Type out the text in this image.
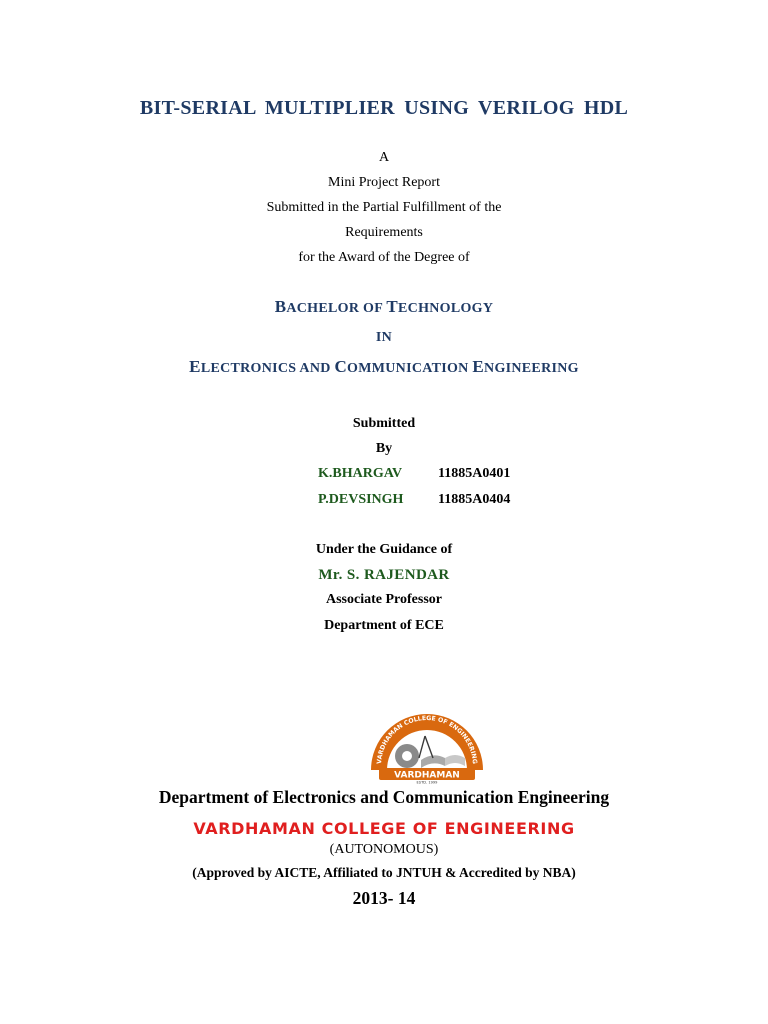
BIT-SERIAL MULTIPLIER USING VERILOG HDL
A
Mini Project Report
Submitted in the Partial Fulfillment of the
Requirements
for the Award of the Degree of
BACHELOR OF TECHNOLOGY
IN
ELECTRONICS AND COMMUNICATION ENGINEERING
Submitted
By
K.BHARGAV	11885A0401
P.DEVSINGH 11885A0404
Under the Guidance of
Mr. S. RAJENDAR
Associate Professor
Department of ECE
VARDHAMAN COLLEGE OF ENGINEERING
VARDHAMAN
ESTD. 1999
Department of Electronics and Communication Engineering
VARDHAMAN COLLEGE OF ENGINEERING
(AUTONOMOUS)
(Approved by AICTE, Affiliated to JNTUH & Accredited by NBA)
2013- 14
